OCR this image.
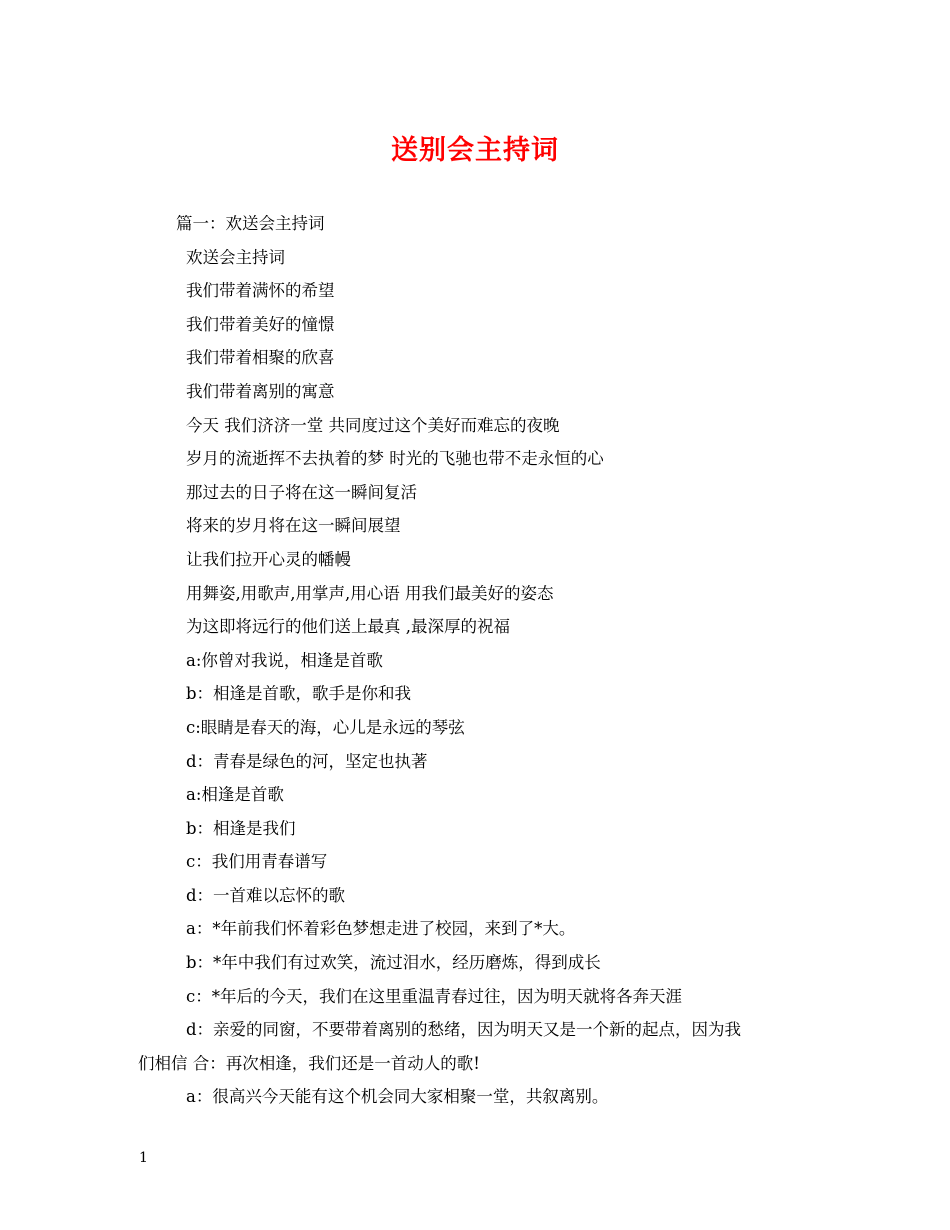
送别会主持词
篇一：欢送会主持词
欢送会主持词
我们带着满怀的希望
我们带着美好的憧憬
我们带着相聚的欣喜
我们带着离别的寓意
今天 我们济济一堂 共同度过这个美好而难忘的夜晚
岁月的流逝挥不去执着的梦 时光的飞驰也带不走永恒的心
那过去的日子将在这一瞬间复活
将来的岁月将在这一瞬间展望
让我们拉开心灵的幡幔
用舞姿,用歌声,用掌声,用心语 用我们最美好的姿态
为这即将远行的他们送上最真 ,最深厚的祝福
a:你曾对我说，相逢是首歌
b：相逢是首歌，歌手是你和我
c:眼睛是春天的海，心儿是永远的琴弦
d：青春是绿色的河，坚定也执著
a:相逢是首歌
b：相逢是我们
c：我们用青春谱写
d：一首难以忘怀的歌
a：*年前我们怀着彩色梦想走进了校园，来到了*大。
b：*年中我们有过欢笑，流过泪水，经历磨炼，得到成长
c：*年后的今天，我们在这里重温青春过往，因为明天就将各奔天涯
d：亲爱的同窗，不要带着离别的愁绪，因为明天又是一个新的起点，因为我
们相信 合：再次相逢，我们还是一首动人的歌!
a：很高兴今天能有这个机会同大家相聚一堂，共叙离别。
1
